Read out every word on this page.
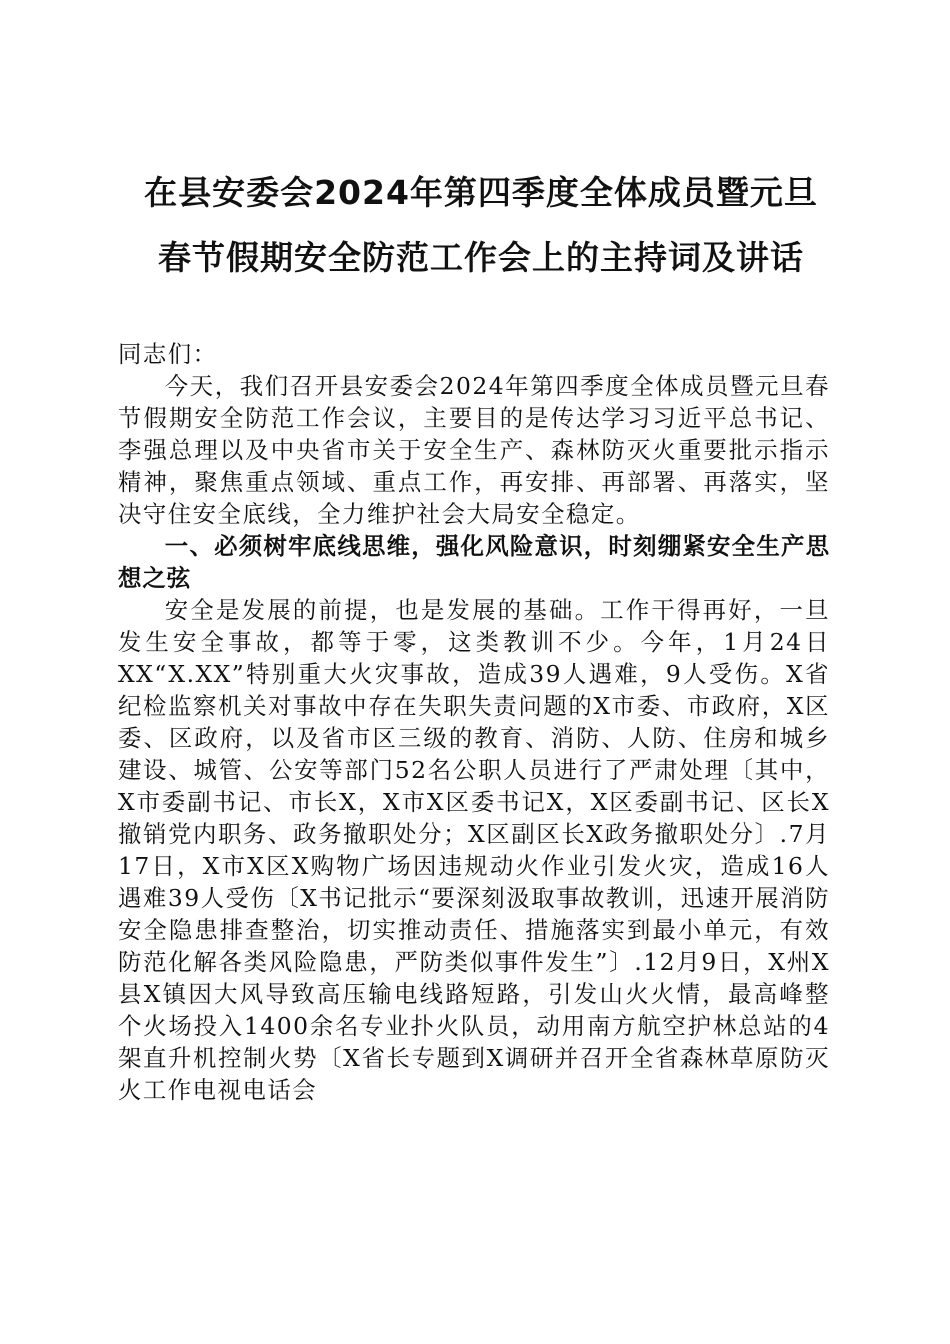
在县安委会2024年第四季度全体成员暨元旦
春节假期安全防范工作会上的主持词及讲话

同志们：

今天，我们召开县安委会2024年第四季度全体成员暨元旦春节假期安全防范工作会议，主要目的是传达学习习近平总书记、李强总理以及中央省市关于安全生产、森林防灭火重要批示指示精神，聚焦重点领域、重点工作，再安排、再部署、再落实，坚决守住安全底线，全力维护社会大局安全稳定。

一、必须树牢底线思维，强化风险意识，时刻绷紧安全生产思想之弦

安全是发展的前提，也是发展的基础。工作干得再好，一旦发生安全事故，都等于零，这类教训不少。今年，1月24日XX“X.XX”特别重大火灾事故，造成39人遇难，9人受伤。X省纪检监察机关对事故中存在失职失责问题的X市委、市政府，X区委、区政府，以及省市区三级的教育、消防、人防、住房和城乡建设、城管、公安等部门52名公职人员进行了严肃处理〔其中，X市委副书记、市长X，X市X区委书记X，X区委副书记、区长X撤销党内职务、政务撤职处分；X区副区长X政务撤职处分〕.7月17日，X市X区X购物广场因违规动火作业引发火灾，造成16人遇难39人受伤〔X书记批示“要深刻汲取事故教训，迅速开展消防安全隐患排查整治，切实推动责任、措施落实到最小单元，有效防范化解各类风险隐患，严防类似事件发生”〕.12月9日，X州X县X镇因大风导致高压输电线路短路，引发山火火情，最高峰整个火场投入1400余名专业扑火队员，动用南方航空护林总站的4架直升机控制火势〔X省长专题到X调研并召开全省森林草原防灭火工作电视电话会
